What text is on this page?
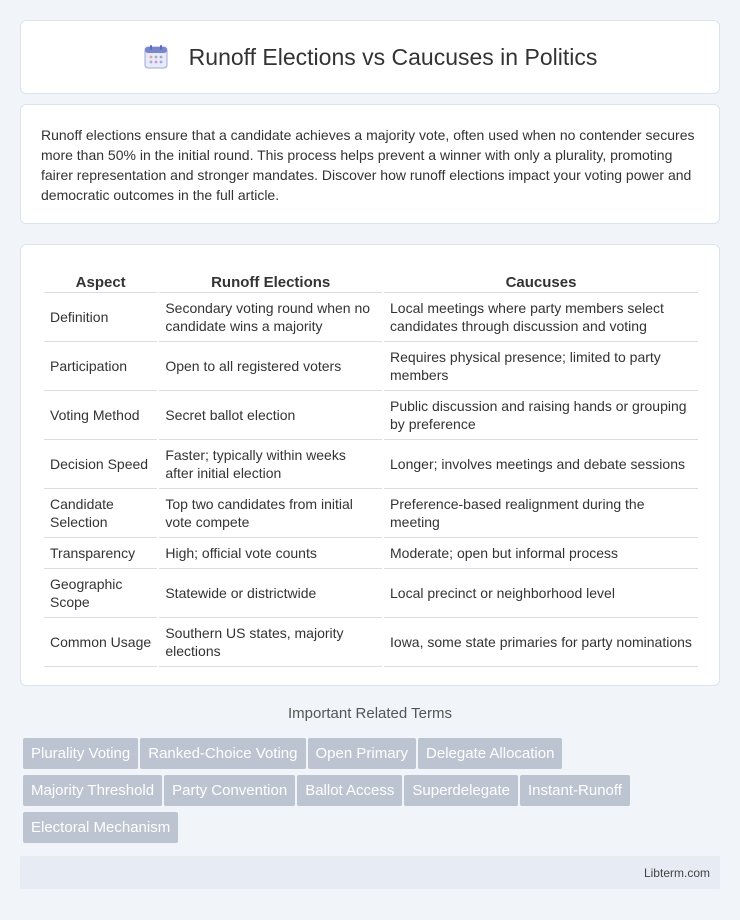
Runoff Elections vs Caucuses in Politics

Runoff elections ensure that a candidate achieves a majority vote, often used when no contender secures more than 50% in the initial round. This process helps prevent a winner with only a plurality, promoting fairer representation and stronger mandates. Discover how runoff elections impact your voting power and democratic outcomes in the full article.

Aspect	Runoff Elections	Caucuses
Definition	Secondary voting round when no candidate wins a majority	Local meetings where party members select candidates through discussion and voting
Participation	Open to all registered voters	Requires physical presence; limited to party members
Voting Method	Secret ballot election	Public discussion and raising hands or grouping by preference
Decision Speed	Faster; typically within weeks after initial election	Longer; involves meetings and debate sessions
Candidate Selection	Top two candidates from initial vote compete	Preference-based realignment during the meeting
Transparency	High; official vote counts	Moderate; open but informal process
Geographic Scope	Statewide or districtwide	Local precinct or neighborhood level
Common Usage	Southern US states, majority elections	Iowa, some state primaries for party nominations
Important Related Terms
Plurality Voting Ranked-Choice Voting Open Primary Delegate Allocation
Majority Threshold Party Convention Ballot Access Superdelegate Instant-Runoff
Electoral Mechanism
Libterm.com
